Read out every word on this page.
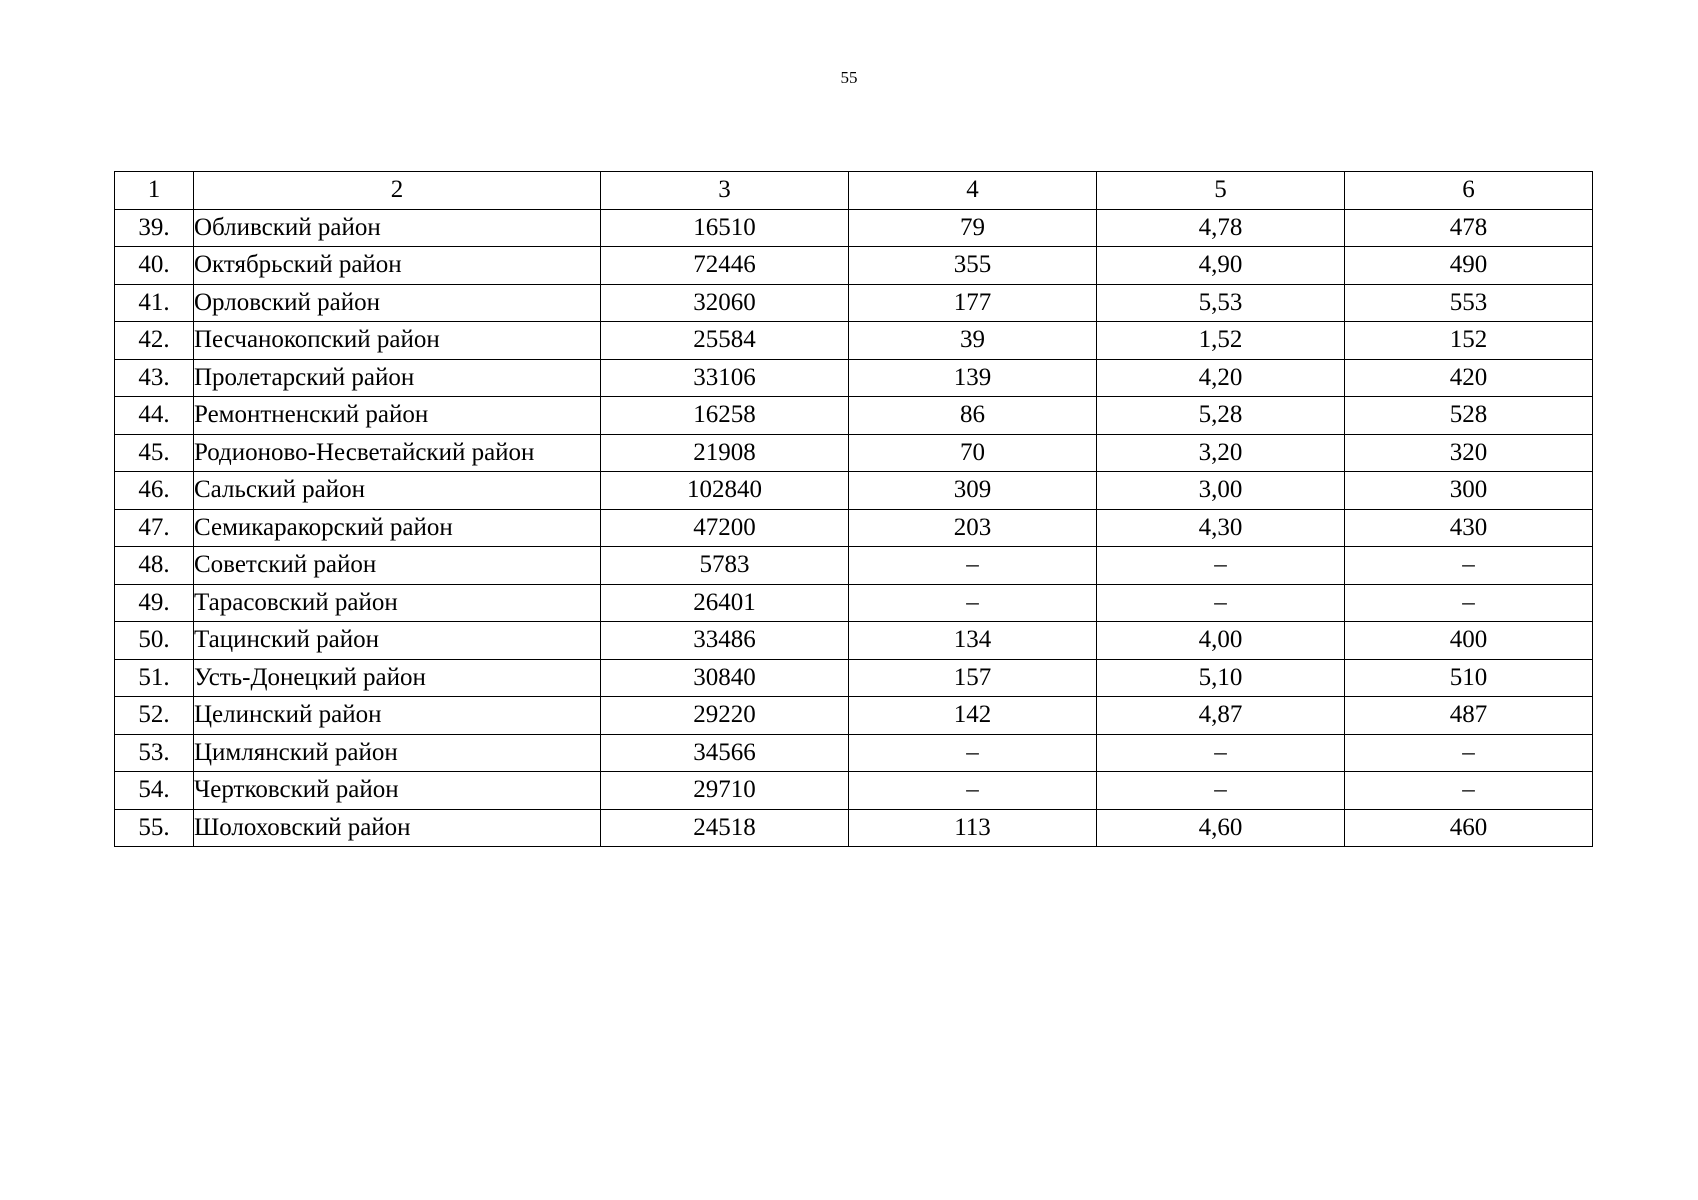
55
1	2	3	4	5	6
39.	Обливский район	16510	79	4,78	478
40.	Октябрьский район	72446	355	4,90	490
41.	Орловский район	32060	177	5,53	553
42.	Песчанокопский район	25584	39	1,52	152
43.	Пролетарский район	33106	139	4,20	420
44.	Ремонтненский район	16258	86	5,28	528
45.	Родионово-Несветайский район	21908	70	3,20	320
46.	Сальский район	102840	309	3,00	300
47.	Семикаракорский район	47200	203	4,30	430
48.	Советский район	5783	–	–	–
49.	Тарасовский район	26401	–	–	–
50.	Тацинский район	33486	134	4,00	400
51.	Усть-Донецкий район	30840	157	5,10	510
52.	Целинский район	29220	142	4,87	487
53.	Цимлянский район	34566	–	–	–
54.	Чертковский район	29710	–	–	–
55.	Шолоховский район	24518	113	4,60	460
